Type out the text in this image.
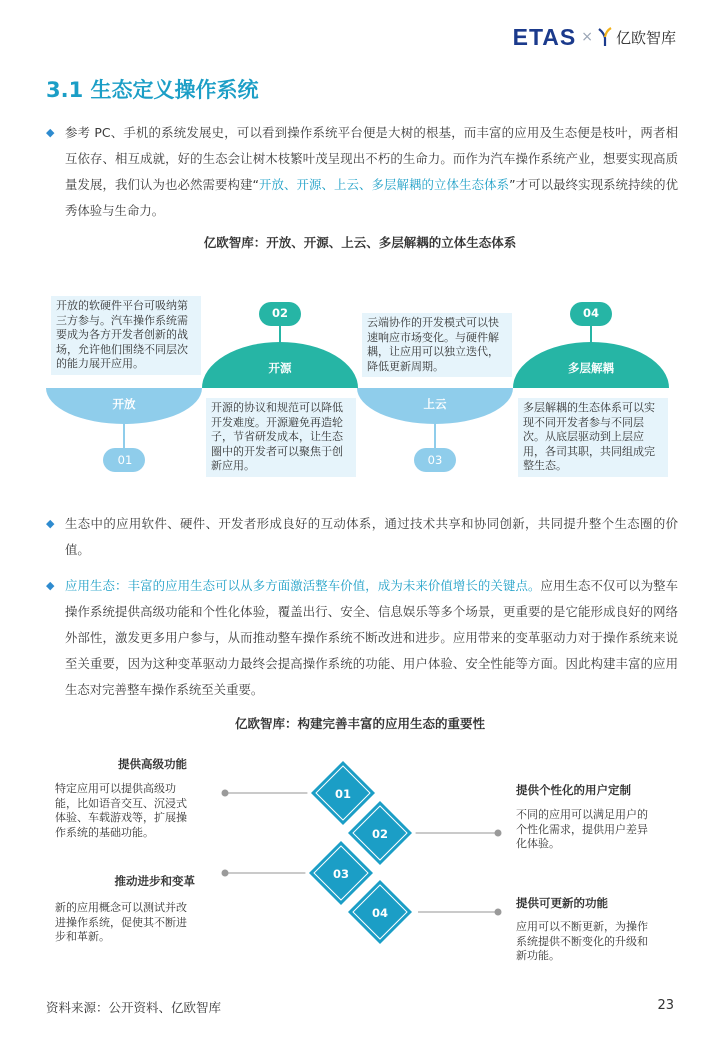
ETAS × 亿欧智库
3.1 生态定义操作系统
◆ 参考 PC、手机的系统发展史，可以看到操作系统平台便是大树的根基，而丰富的应用及生态便是枝叶，两者相互依存、相互成就，好的生态会让树木枝繁叶茂呈现出不朽的生命力。而作为汽车操作系统产业，想要实现高质量发展，我们认为也必然需要构建“开放、开源、上云、多层解耦的立体生态体系”才可以最终实现系统持续的优秀体验与生命力。
亿欧智库：开放、开源、上云、多层解耦的立体生态体系
开放
开源
上云
多层解耦
01
02
03
04
开放的软硬件平台可吸纳第三方参与。汽车操作系统需要成为各方开发者创新的战场，允许他们围绕不同层次的能力展开应用。
开源的协议和规范可以降低开发难度。开源避免再造轮子，节省研发成本，让生态圈中的开发者可以聚焦于创新应用。
云端协作的开发模式可以快速响应市场变化。与硬件解耦，让应用可以独立迭代，降低更新周期。
多层解耦的生态体系可以实现不同开发者参与不同层次。从底层驱动到上层应用，各司其职，共同组成完整生态。
◆ 生态中的应用软件、硬件、开发者形成良好的互动体系，通过技术共享和协同创新，共同提升整个生态圈的价值。
◆ 应用生态：丰富的应用生态可以从多方面激活整车价值，成为未来价值增长的关键点。应用生态不仅可以为整车操作系统提供高级功能和个性化体验，覆盖出行、安全、信息娱乐等多个场景，更重要的是它能形成良好的网络外部性，激发更多用户参与，从而推动整车操作系统不断改进和进步。应用带来的变革驱动力对于操作系统来说至关重要，因为这种变革驱动力最终会提高操作系统的功能、用户体验、安全性能等方面。因此构建丰富的应用生态对完善整车操作系统至关重要。
亿欧智库：构建完善丰富的应用生态的重要性
01
02
03
04
提供高级功能
特定应用可以提供高级功能，比如语音交互、沉浸式体验、车载游戏等，扩展操作系统的基础功能。
提供个性化的用户定制
不同的应用可以满足用户的个性化需求，提供用户差异化体验。
推动进步和变革
新的应用概念可以测试并改进操作系统，促使其不断进步和革新。
提供可更新的功能
应用可以不断更新，为操作系统提供不断变化的升级和新功能。
资料来源：公开资料、亿欧智库	23
